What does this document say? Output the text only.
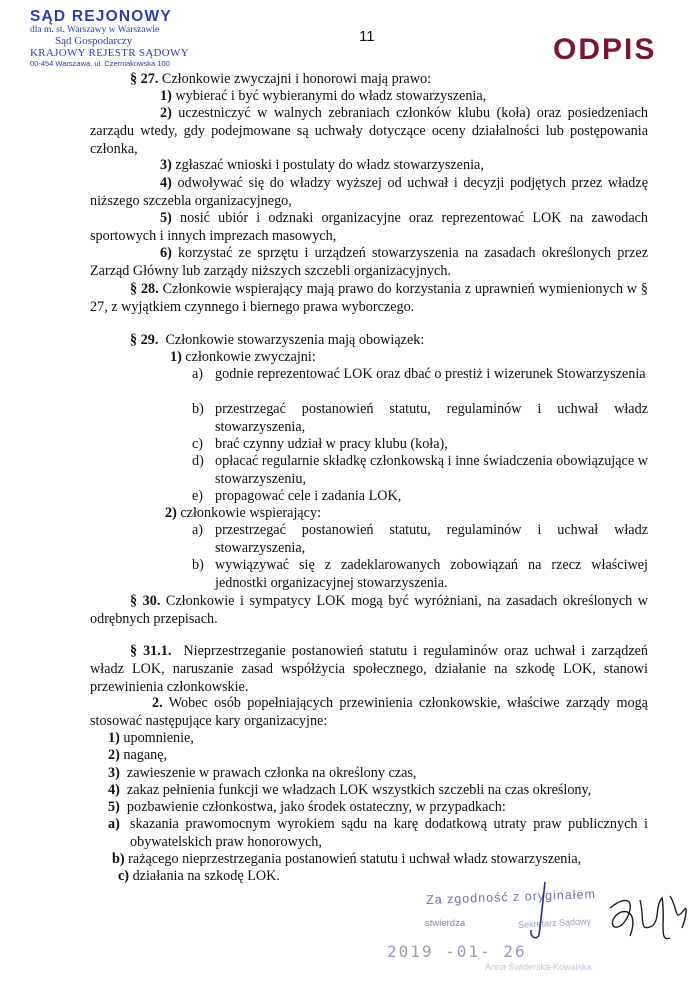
SĄD REJONOWY
dla m. st. Warszawy w Warszawie
Sąd Gospodarczy
KRAJOWY REJESTR SĄDOWY
00-454 Warszawa, ul. Czerniakowska 100
11	ODPIS
§ 27. Członkowie zwyczajni i honorowi mają prawo:
1) wybierać i być wybieranymi do władz stowarzyszenia,
2) uczestniczyć w walnych zebraniach członków klubu (koła) oraz posiedzeniach zarządu wtedy, gdy podejmowane są uchwały dotyczące oceny działalności lub postępowania członka,
3) zgłaszać wnioski i postulaty do władz stowarzyszenia,
4) odwoływać się do władzy wyższej od uchwał i decyzji podjętych przez władzę niższego szczebla organizacyjnego,
5) nosić ubiór i odznaki organizacyjne oraz reprezentować LOK na zawodach sportowych i innych imprezach masowych,
6) korzystać ze sprzętu i urządzeń stowarzyszenia na zasadach określonych przez Zarząd Główny lub zarządy niższych szczebli organizacyjnych.
§ 28. Członkowie wspierający mają prawo do korzystania z uprawnień wymienionych w § 27, z wyjątkiem czynnego i biernego prawa wyborczego.
§ 29. Członkowie stowarzyszenia mają obowiązek:
1) członkowie zwyczajni:
a) godnie reprezentować LOK oraz dbać o prestiż i wizerunek Stowarzyszenia
b) przestrzegać postanowień statutu, regulaminów i uchwał władz stowarzyszenia,
c) brać czynny udział w pracy klubu (koła),
d) opłacać regularnie składkę członkowską i inne świadczenia obowiązujące w stowarzyszeniu,
e) propagować cele i zadania LOK,
2) członkowie wspierający:
a) przestrzegać postanowień statutu, regulaminów i uchwał władz stowarzyszenia,
b) wywiązywać się z zadeklarowanych zobowiązań na rzecz właściwej jednostki organizacyjnej stowarzyszenia.
§ 30. Członkowie i sympatycy LOK mogą być wyróżniani, na zasadach określonych w odrębnych przepisach.
§ 31.1. Nieprzestrzeganie postanowień statutu i regulaminów oraz uchwał i zarządzeń władz LOK, naruszanie zasad współżycia społecznego, działanie na szkodę LOK, stanowi przewinienia członkowskie.
2. Wobec osób popełniających przewinienia członkowskie, właściwe zarządy mogą stosować następujące kary organizacyjne:
1) upomnienie,
2) naganę,
3) zawieszenie w prawach członka na określony czas,
4) zakaz pełnienia funkcji we władzach LOK wszystkich szczebli na czas określony,
5) pozbawienie członkostwa, jako środek ostateczny, w przypadkach:
a) skazania prawomocnym wyrokiem sądu na karę dodatkową utraty praw publicznych i obywatelskich praw honorowych,
b) rażącego nieprzestrzegania postanowień statutu i uchwał władz stowarzyszenia,
c) działania na szkodę LOK.
Za zgodność z oryginałem
stwierdza	Sekretarz Sądowy
2019 -01- 26
Anna Świderska-Kowalska
